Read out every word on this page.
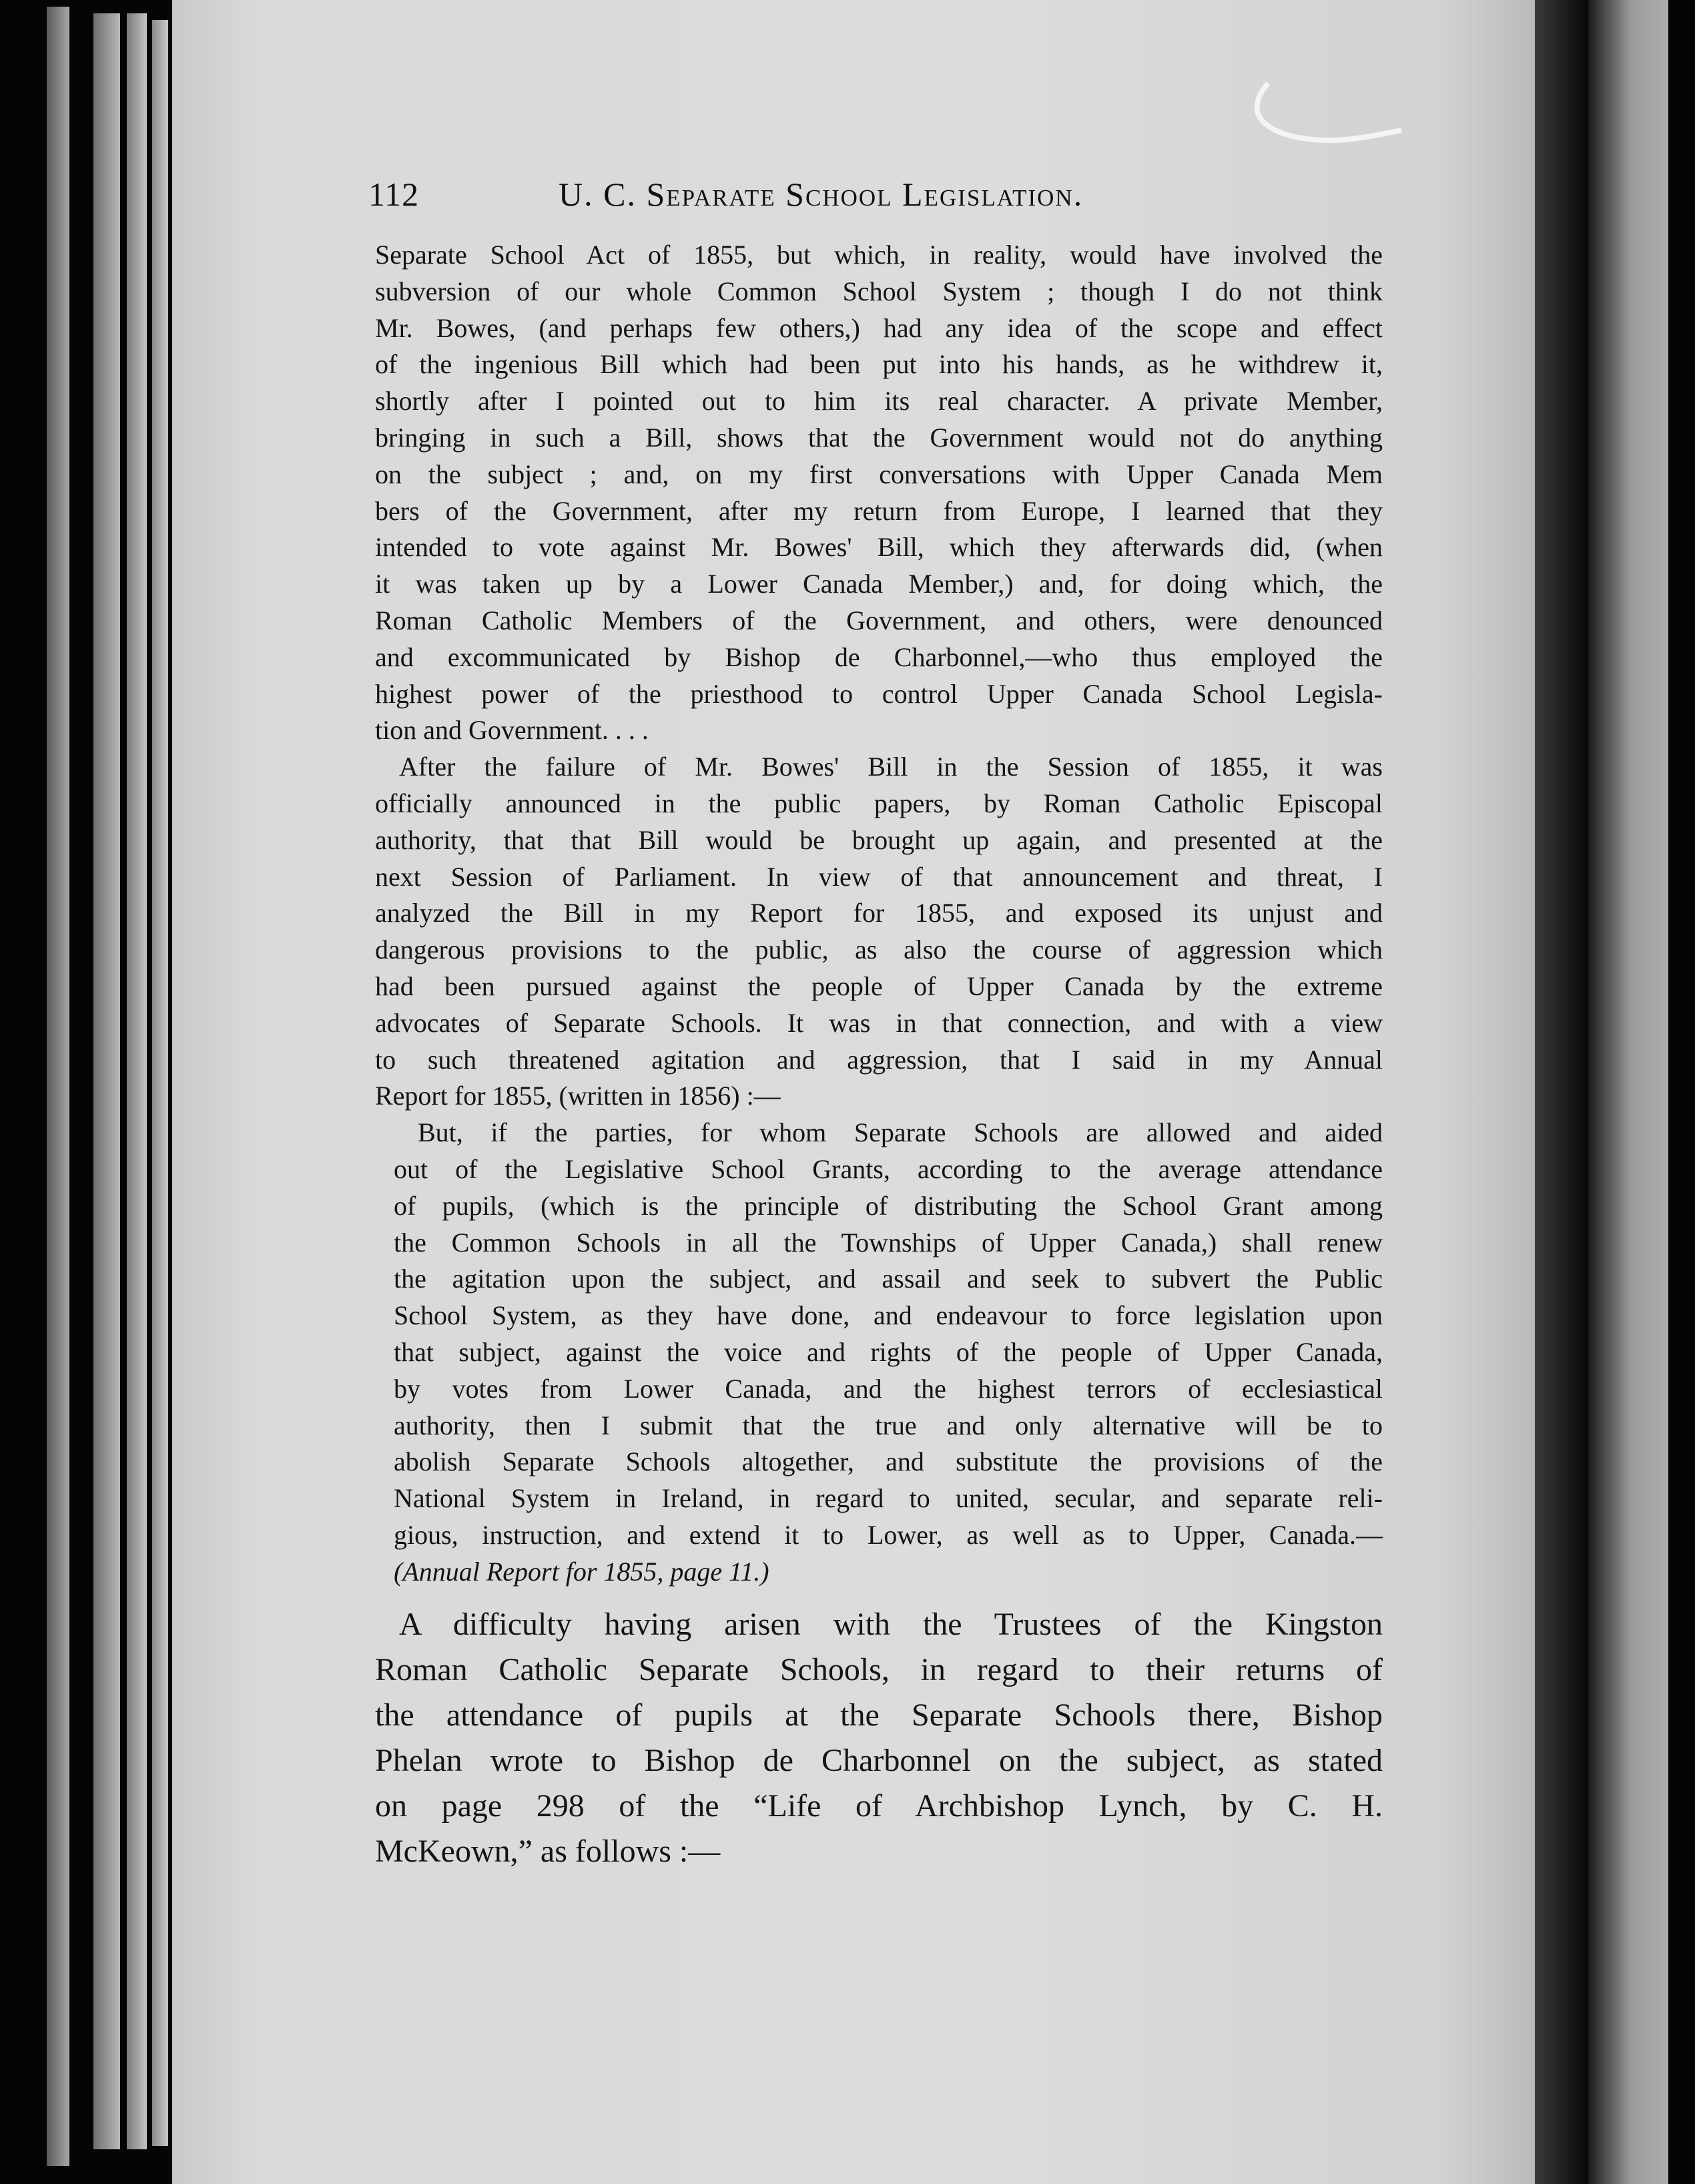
112	U. C. Separate School Legislation.
Separate School Act of 1855, but which, in reality, would have involved the
subversion of our whole Common School System ; though I do not think
Mr. Bowes, (and perhaps few others,) had any idea of the scope and effect
of the ingenious Bill which had been put into his hands, as he withdrew it,
shortly after I pointed out to him its real character. A private Member,
bringing in such a Bill, shows that the Government would not do anything
on the subject ; and, on my first conversations with Upper Canada Mem
bers of the Government, after my return from Europe, I learned that they
intended to vote against Mr. Bowes' Bill, which they afterwards did, (when
it was taken up by a Lower Canada Member,) and, for doing which, the
Roman Catholic Members of the Government, and others, were denounced
and excommunicated by Bishop de Charbonnel,—who thus employed the
highest power of the priesthood to control Upper Canada School Legisla-
tion and Government. . . .
After the failure of Mr. Bowes' Bill in the Session of 1855, it was
officially announced in the public papers, by Roman Catholic Episcopal
authority, that that Bill would be brought up again, and presented at the
next Session of Parliament. In view of that announcement and threat, I
analyzed the Bill in my Report for 1855, and exposed its unjust and
dangerous provisions to the public, as also the course of aggression which
had been pursued against the people of Upper Canada by the extreme
advocates of Separate Schools. It was in that connection, and with a view
to such threatened agitation and aggression, that I said in my Annual
Report for 1855, (written in 1856) :—
But, if the parties, for whom Separate Schools are allowed and aided
out of the Legislative School Grants, according to the average attendance
of pupils, (which is the principle of distributing the School Grant among
the Common Schools in all the Townships of Upper Canada,) shall renew
the agitation upon the subject, and assail and seek to subvert the Public
School System, as they have done, and endeavour to force legislation upon
that subject, against the voice and rights of the people of Upper Canada,
by votes from Lower Canada, and the highest terrors of ecclesiastical
authority, then I submit that the true and only alternative will be to
abolish Separate Schools altogether, and substitute the provisions of the
National System in Ireland, in regard to united, secular, and separate reli-
gious, instruction, and extend it to Lower, as well as to Upper, Canada.—
(Annual Report for 1855, page 11.)
A difficulty having arisen with the Trustees of the Kingston
Roman Catholic Separate Schools, in regard to their returns of
the attendance of pupils at the Separate Schools there, Bishop
Phelan wrote to Bishop de Charbonnel on the subject, as stated
on page 298 of the “Life of Archbishop Lynch, by C. H.
McKeown,” as follows :—
